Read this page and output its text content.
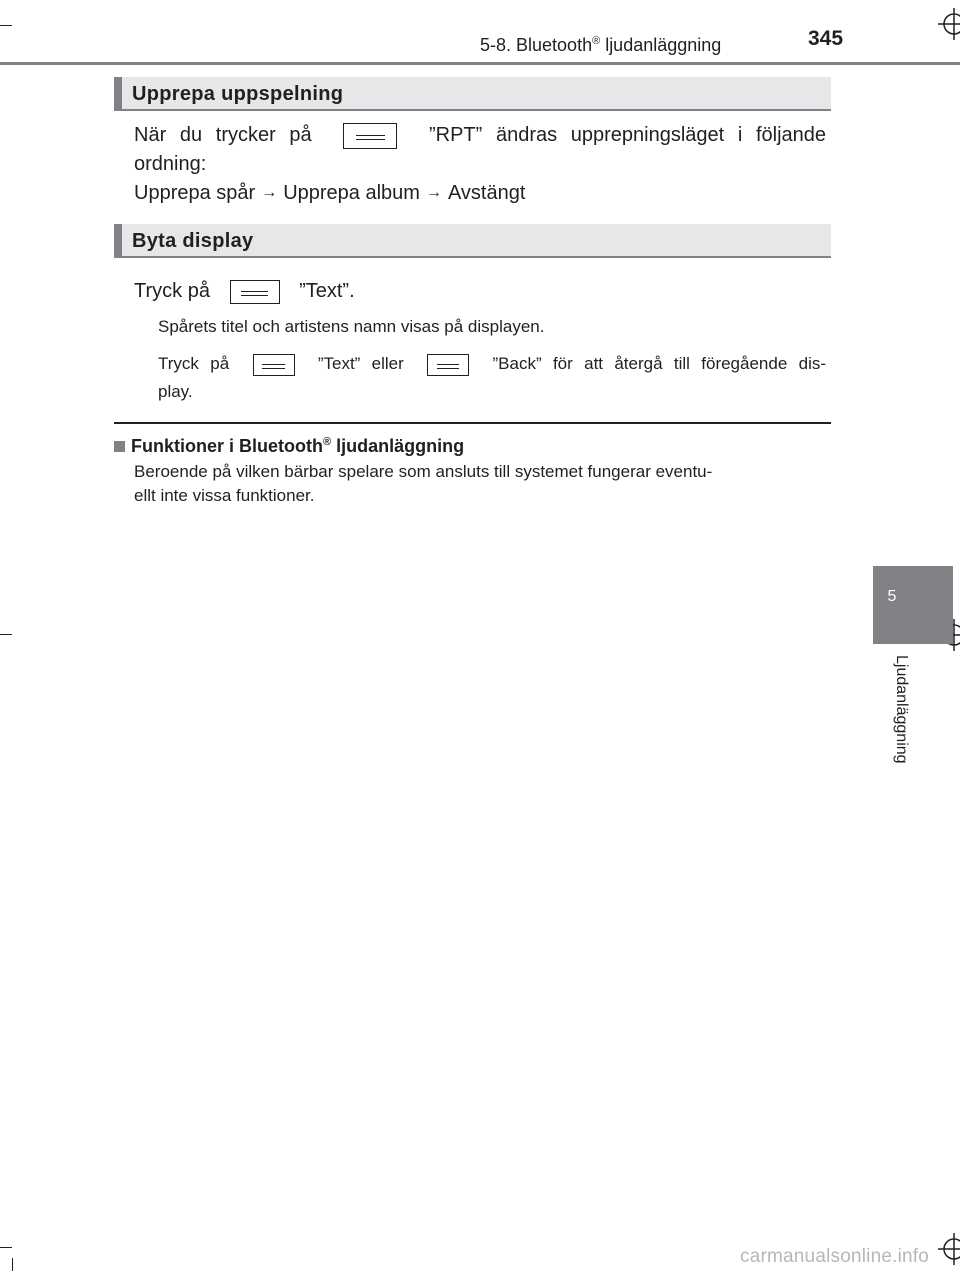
5-8. Bluetooth® ljudanläggning	345
Upprepa uppspelning
När du trycker på	”RPT” ändras upprepningsläget i följande
ordning:
Upprepa spår → Upprepa album → Avstängt
Byta display
Tryck på	”Text”.
Spårets titel och artistens namn visas på displayen.
Tryck på	”Text” eller	”Back” för att återgå till föregående dis-
play.
Funktioner i Bluetooth® ljudanläggning
Beroende på vilken bärbar spelare som ansluts till systemet fungerar eventu-
ellt inte vissa funktioner.
5
Ljudanläggning
carmanualsonline.info
